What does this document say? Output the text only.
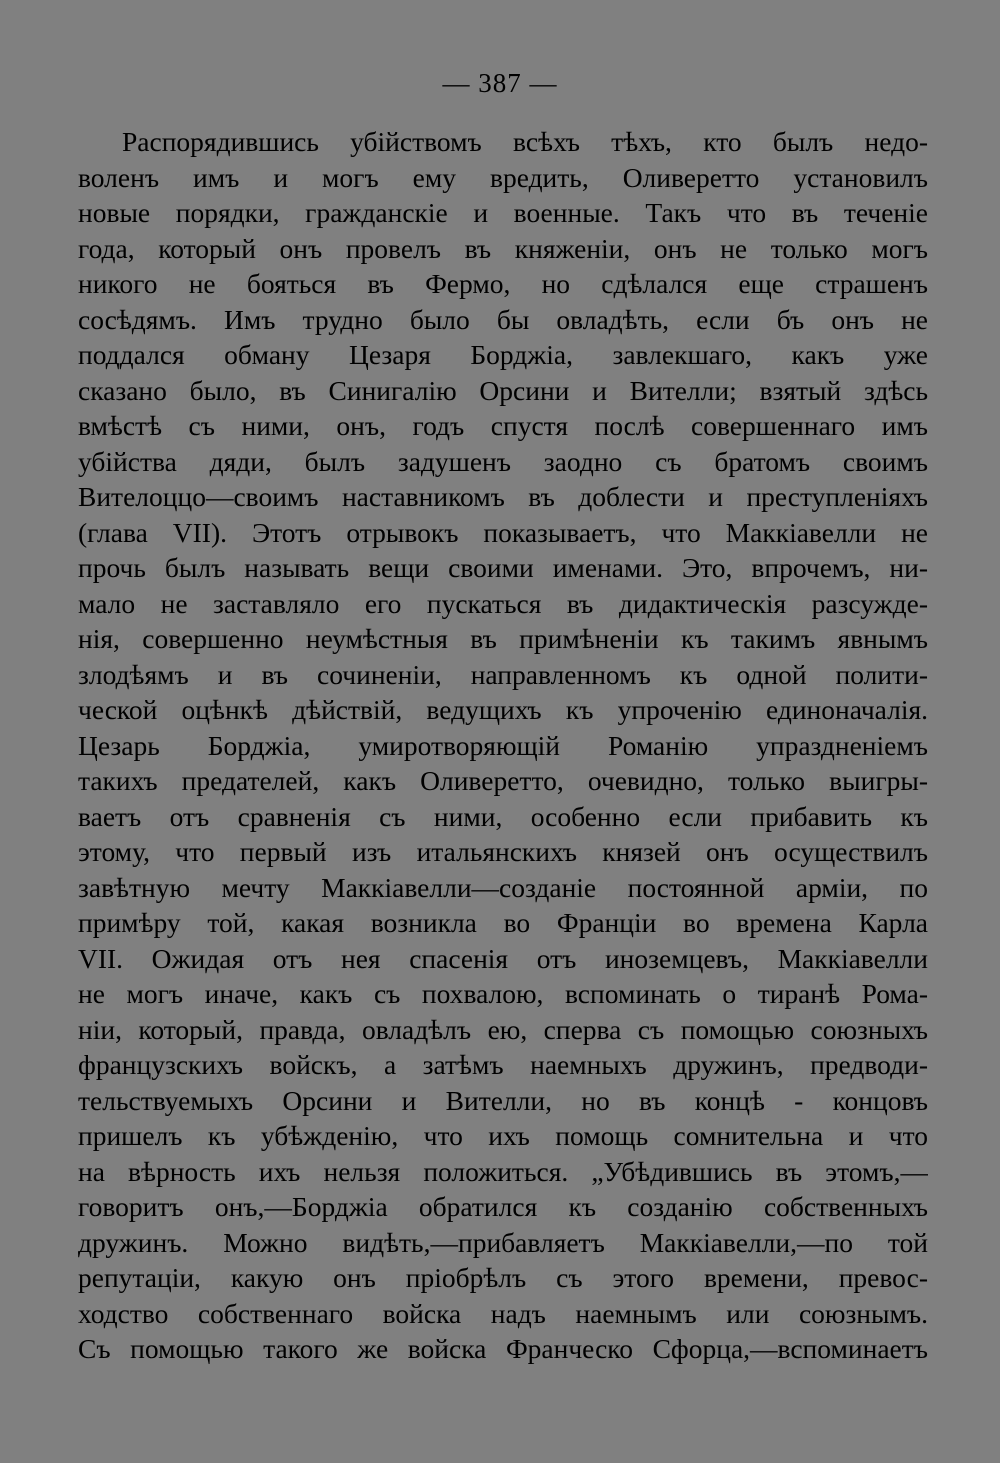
— 387 —
Распорядившись убійствомъ всѣхъ тѣхъ, кто былъ недо-
воленъ имъ и могъ ему вредить, Оливеретто установилъ
новые порядки, гражданскіе и военные. Такъ что въ теченіе
года, который онъ провелъ въ княженіи, онъ не только могъ
никого не бояться въ Фермо, но сдѣлался еще страшенъ
сосѣдямъ. Имъ трудно было бы овладѣть, если бъ онъ не
поддался обману Цезаря Борджіа, завлекшаго, какъ уже
сказано было, въ Синигалію Орсини и Вителли; взятый здѣсь
вмѣстѣ съ ними, онъ, годъ спустя послѣ совершеннаго имъ
убійства дяди, былъ задушенъ заодно съ братомъ своимъ
Вителоццо—своимъ наставникомъ въ доблести и преступленіяхъ
(глава VII). Этотъ отрывокъ показываетъ, что Маккіавелли не
прочь былъ называть вещи своими именами. Это, впрочемъ, ни-
мало не заставляло его пускаться въ дидактическія разсужде-
нія, совершенно неумѣстныя въ примѣненіи къ такимъ явнымъ
злодѣямъ и въ сочиненіи, направленномъ къ одной полити-
ческой оцѣнкѣ дѣйствій, ведущихъ къ упроченію единоначалія.
Цезарь Борджіа, умиротворяющій Романію упраздненіемъ
такихъ предателей, какъ Оливеретто, очевидно, только выигры-
ваетъ отъ сравненія съ ними, особенно если прибавить къ
этому, что первый изъ итальянскихъ князей онъ осуществилъ
завѣтную мечту Маккіавелли—созданіе постоянной арміи, по
примѣру той, какая возникла во Франціи во времена Карла
VII. Ожидая отъ нея спасенія отъ иноземцевъ, Маккіавелли
не могъ иначе, какъ съ похвалою, вспоминать о тиранѣ Рома-
ніи, который, правда, овладѣлъ ею, сперва съ помощью союзныхъ
французскихъ войскъ, а затѣмъ наемныхъ дружинъ, предводи-
тельствуемыхъ Орсини и Вителли, но въ концѣ - концовъ
пришелъ къ убѣжденію, что ихъ помощь сомнительна и что
на вѣрность ихъ нельзя положиться. „Убѣдившись въ этомъ,—
говоритъ онъ,—Борджіа обратился къ созданію собственныхъ
дружинъ. Можно видѣть,—прибавляетъ Маккіавелли,—по той
репутаціи, какую онъ пріобрѣлъ съ этого времени, превос-
ходство собственнаго войска надъ наемнымъ или союзнымъ.
Съ помощью такого же войска Франческо Сфорца,—вспоминаетъ
